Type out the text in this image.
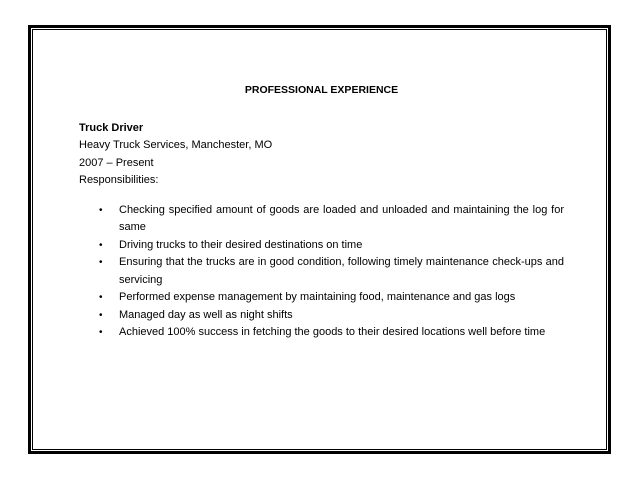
PROFESSIONAL EXPERIENCE

Truck Driver

Heavy Truck Services, Manchester, MO

2007 – Present

Responsibilities:

• Checking specified amount of goods are loaded and unloaded and maintaining the log for same
• Driving trucks to their desired destinations on time
• Ensuring that the trucks are in good condition, following timely maintenance check-ups and servicing
• Performed expense management by maintaining food, maintenance and gas logs
• Managed day as well as night shifts
• Achieved 100% success in fetching the goods to their desired locations well before time
